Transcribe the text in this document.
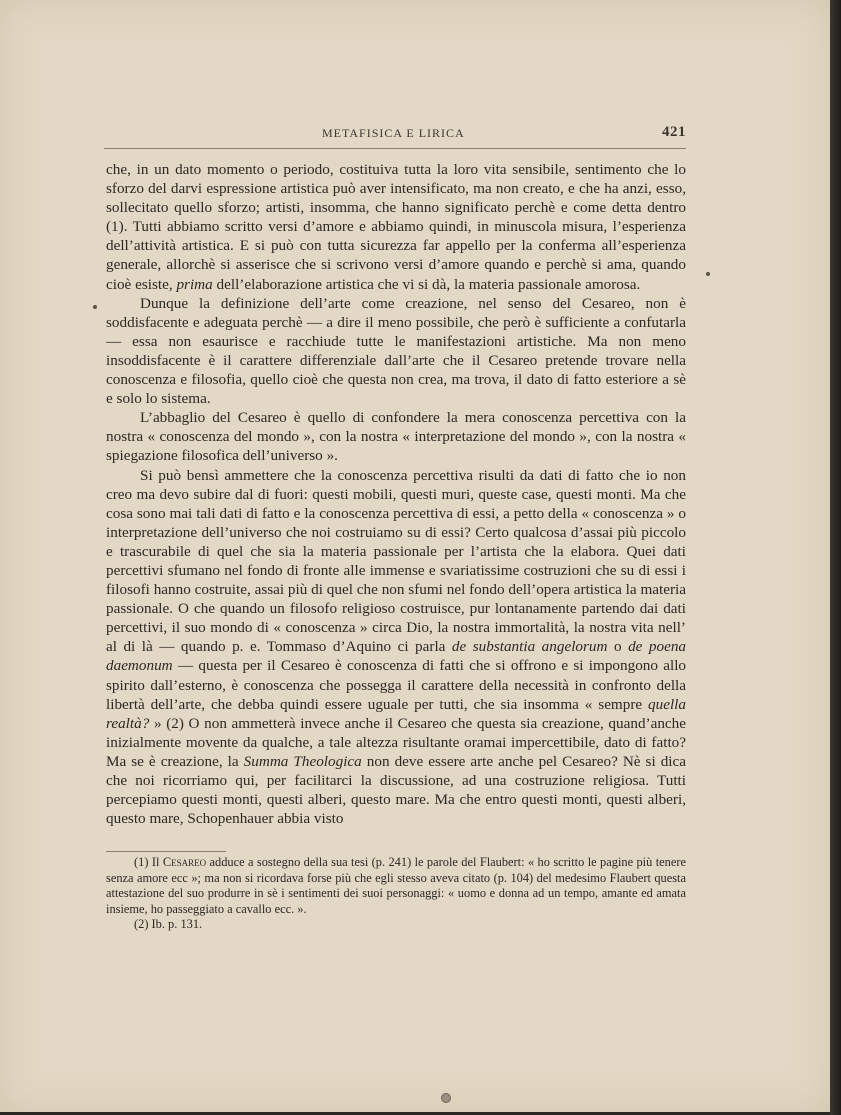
METAFISICA E LIRICA	421

che, in un dato momento o periodo, costituiva tutta la loro vita sensibile, sentimento che lo sforzo del darvi espressione artistica può aver intensificato, ma non creato, e che ha anzi, esso, sollecitato quello sforzo; artisti, insomma, che hanno significato perchè e come detta dentro (1). Tutti abbiamo scritto versi d’amore e abbiamo quindi, in minuscola misura, l’esperienza dell’attività artistica. E si può con tutta sicurezza far appello per la conferma all’esperienza generale, allorchè si asserisce che si scrivono versi d’amore quando e perchè si ama, quando cioè esiste, prima dell’elaborazione artistica che vi si dà, la materia passionale amorosa.

Dunque la definizione dell’arte come creazione, nel senso del Cesareo, non è soddisfacente e adeguata perchè — a dire il meno possibile, che però è sufficiente a confutarla — essa non esaurisce e racchiude tutte le manifestazioni artistiche. Ma non meno insoddisfacente è il carattere differenziale dall’arte che il Cesareo pretende trovare nella conoscenza e filosofia, quello cioè che questa non crea, ma trova, il dato di fatto esteriore a sè e solo lo sistema.

L’abbaglio del Cesareo è quello di confondere la mera conoscenza percettiva con la nostra « conoscenza del mondo », con la nostra « interpretazione del mondo », con la nostra « spiegazione filosofica dell’universo ».

Si può bensì ammettere che la conoscenza percettiva risulti da dati di fatto che io non creo ma devo subire dal di fuori: questi mobili, questi muri, queste case, questi monti. Ma che cosa sono mai tali dati di fatto e la conoscenza percettiva di essi, a petto della « conoscenza » o interpretazione dell’universo che noi costruiamo su di essi? Certo qualcosa d’assai più piccolo e trascurabile di quel che sia la materia passionale per l’artista che la elabora. Quei dati percettivi sfumano nel fondo di fronte alle immense e svariatissime costruzioni che su di essi i filosofi hanno costruite, assai più di quel che non sfumi nel fondo dell’opera artistica la materia passionale. O che quando un filosofo religioso costruisce, pur lontanamente partendo dai dati percettivi, il suo mondo di « conoscenza » circa Dio, la nostra immortalità, la nostra vita nell’ al di là — quando p. e. Tommaso d’Aquino ci parla de substantia angelorum o de poena daemonum — questa per il Cesareo è conoscenza di fatti che si offrono e si impongono allo spirito dall’esterno, è conoscenza che possegga il carattere della necessità in confronto della libertà dell’arte, che debba quindi essere uguale per tutti, che sia insomma « sempre quella realtà? » (2) O non ammetterà invece anche il Cesareo che questa sia creazione, quand’anche inizialmente movente da qualche, a tale altezza risultante oramai impercettibile, dato di fatto? Ma se è creazione, la Summa Theologica non deve essere arte anche pel Cesareo? Nè si dica che noi ricorriamo qui, per facilitarci la discussione, ad una costruzione religiosa. Tutti percepiamo questi monti, questi alberi, questo mare. Ma che entro questi monti, questi alberi, questo mare, Schopenhauer abbia visto

(1) Il Cesareo adduce a sostegno della sua tesi (p. 241) le parole del Flaubert: « ho scritto le pagine più tenere senza amore ecc »; ma non si ricordava forse più che egli stesso aveva citato (p. 104) del medesimo Flaubert questa attestazione del suo produrre in sè i sentimenti dei suoi personaggi: « uomo e donna ad un tempo, amante ed amata insieme, ho passeggiato a cavallo ecc. ».

(2) Ib. p. 131.
